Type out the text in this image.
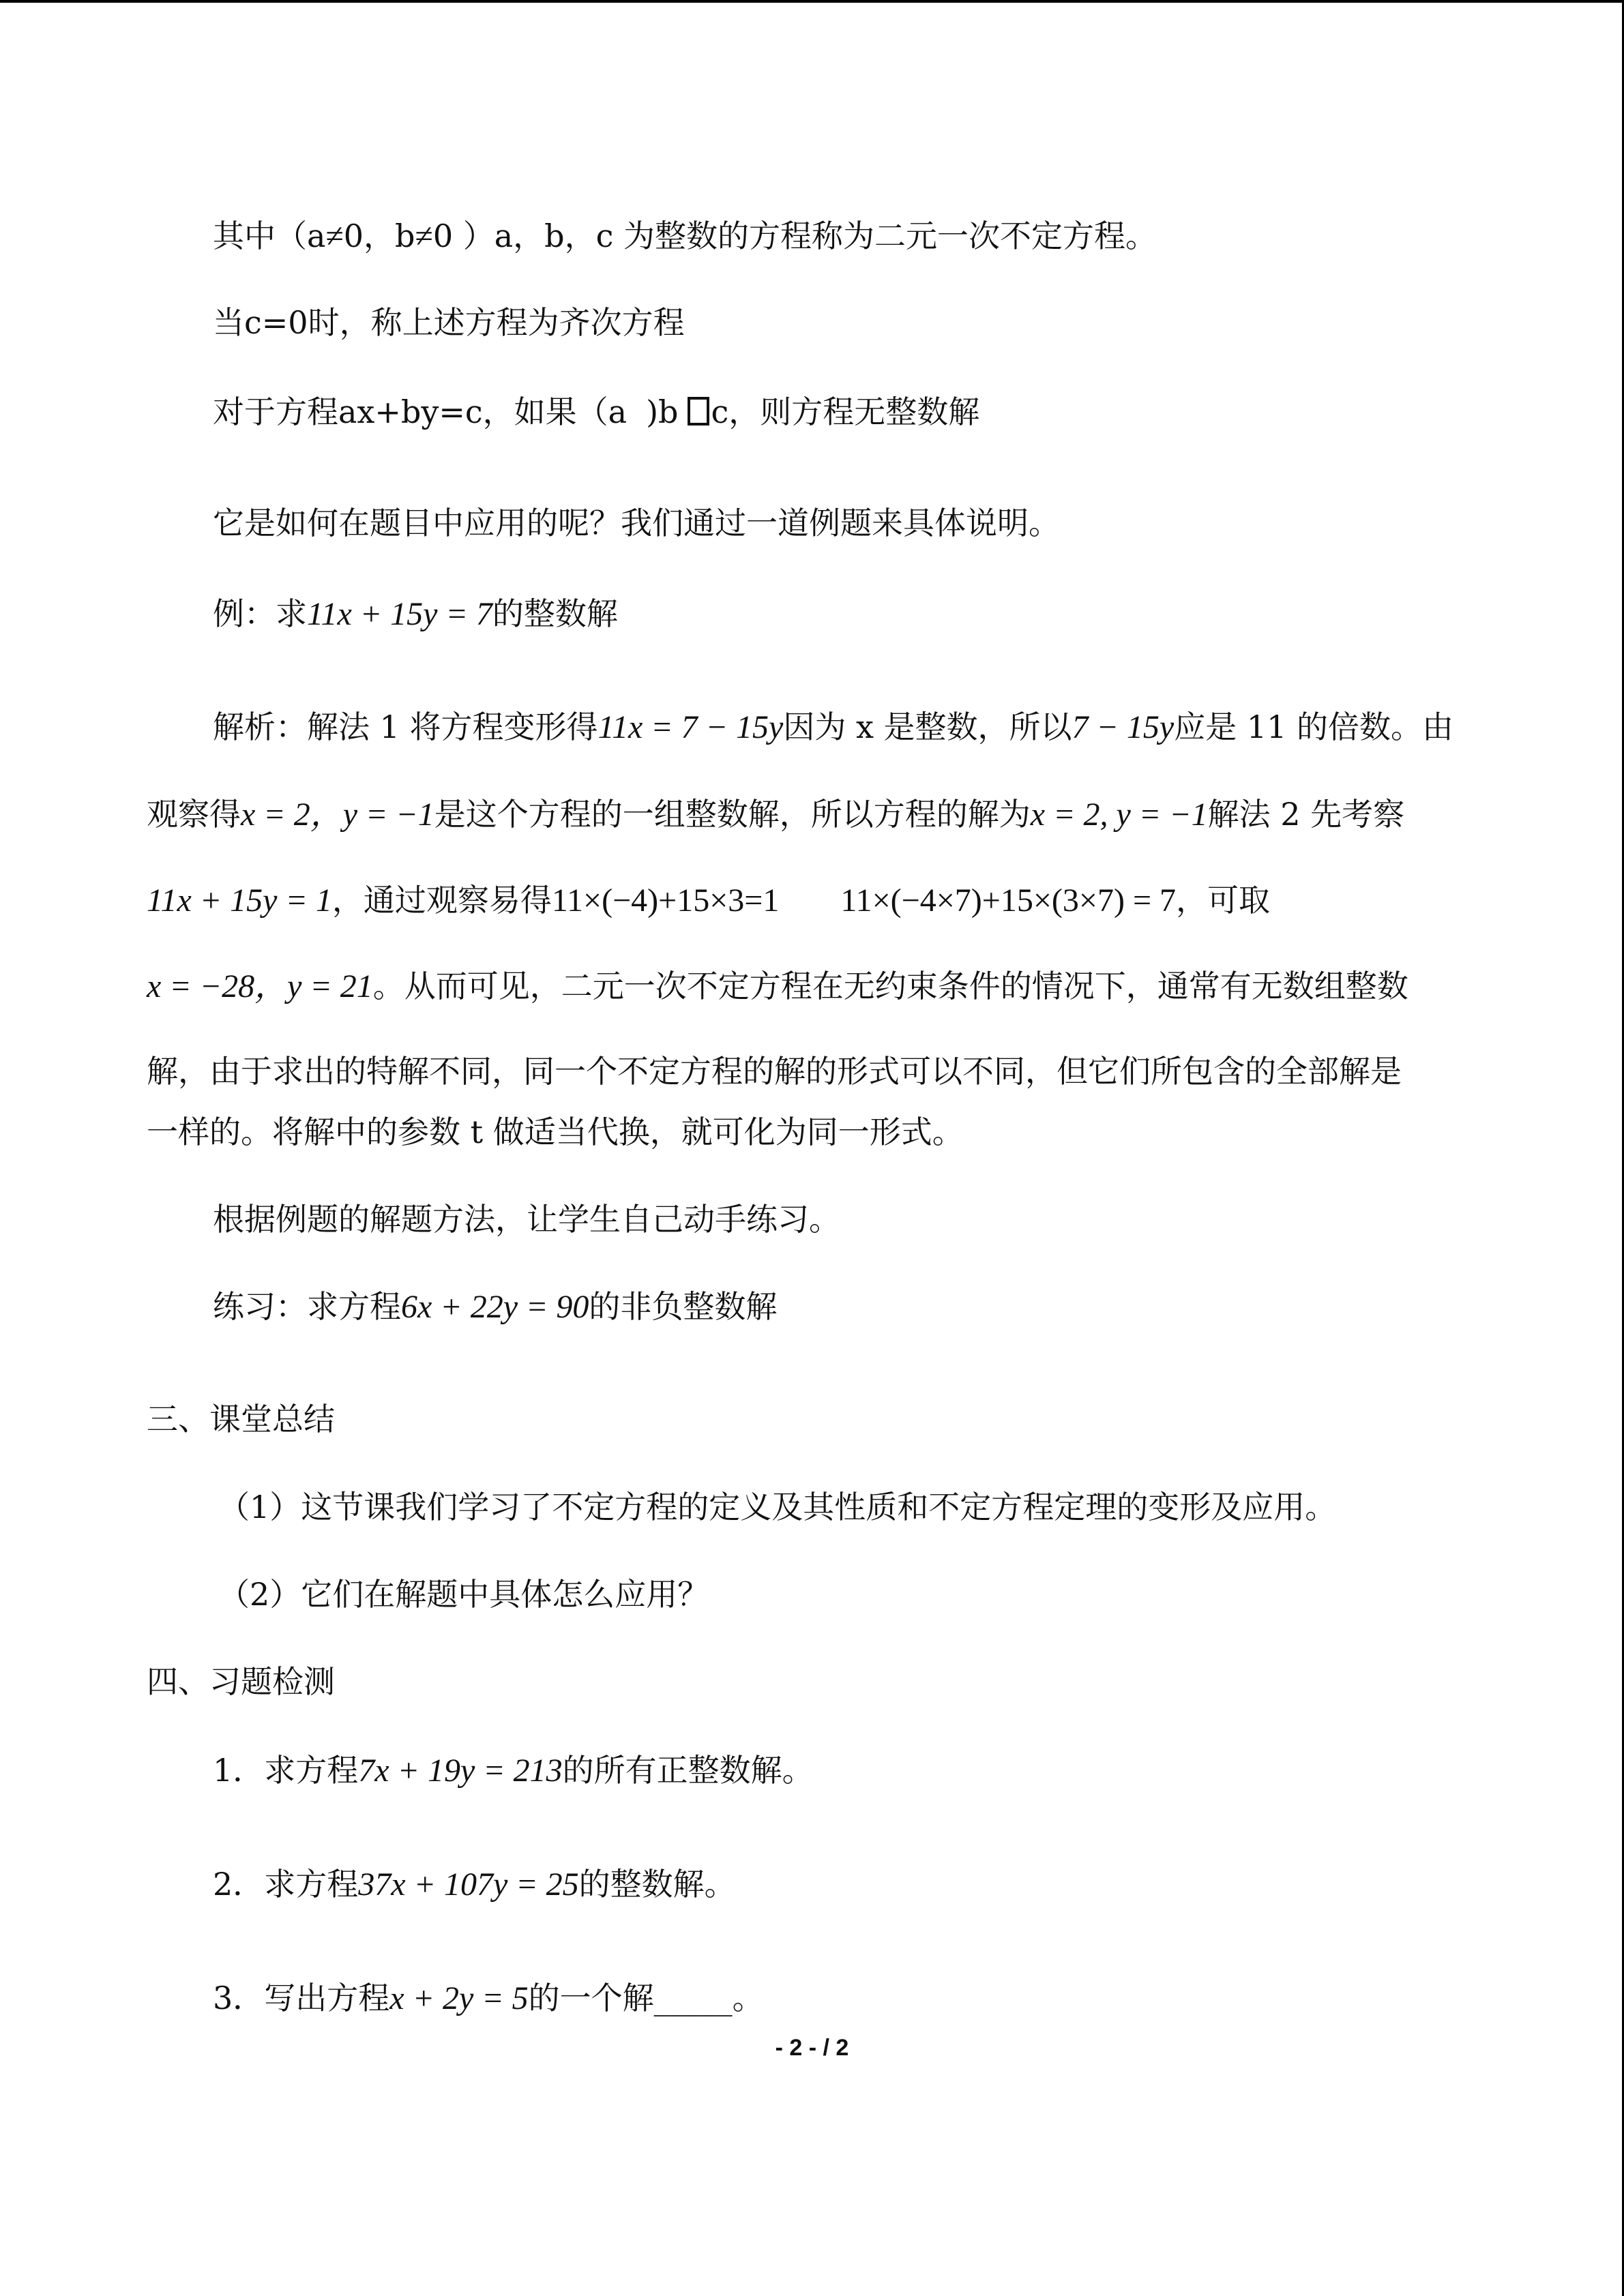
其中（a≠0，b≠0 ）a，b，c 为整数的方程称为二元一次不定方程。
当c=0时，称上述方程为齐次方程
对于方程ax+by=c，如果（a )b c，则方程无整数解
它是如何在题目中应用的呢？我们通过一道例题来具体说明。
例：求11x + 15y = 7的整数解
解析：解法 1 将方程变形得11x = 7 − 15y因为 x 是整数，所以7 − 15y应是 11 的倍数。由
观察得x = 2，y = −1是这个方程的一组整数解，所以方程的解为x = 2, y = −1解法 2 先考察
11x + 15y = 1，通过观察易得11×(−4)+15×3=1 11×(−4×7)+15×(3×7) = 7，可取
x = −28，y = 21。从而可见，二元一次不定方程在无约束条件的情况下，通常有无数组整数
解，由于求出的特解不同，同一个不定方程的解的形式可以不同，但它们所包含的全部解是
一样的。将解中的参数 t 做适当代换，就可化为同一形式。
根据例题的解题方法，让学生自己动手练习。
练习：求方程6x + 22y = 90的非负整数解
三、课堂总结
（1）这节课我们学习了不定方程的定义及其性质和不定方程定理的变形及应用。
（2）它们在解题中具体怎么应用？
四、习题检测
1．求方程7x + 19y = 213的所有正整数解。
2．求方程37x + 107y = 25的整数解。
3．写出方程x + 2y = 5的一个解_____。
- 2 - / 2
